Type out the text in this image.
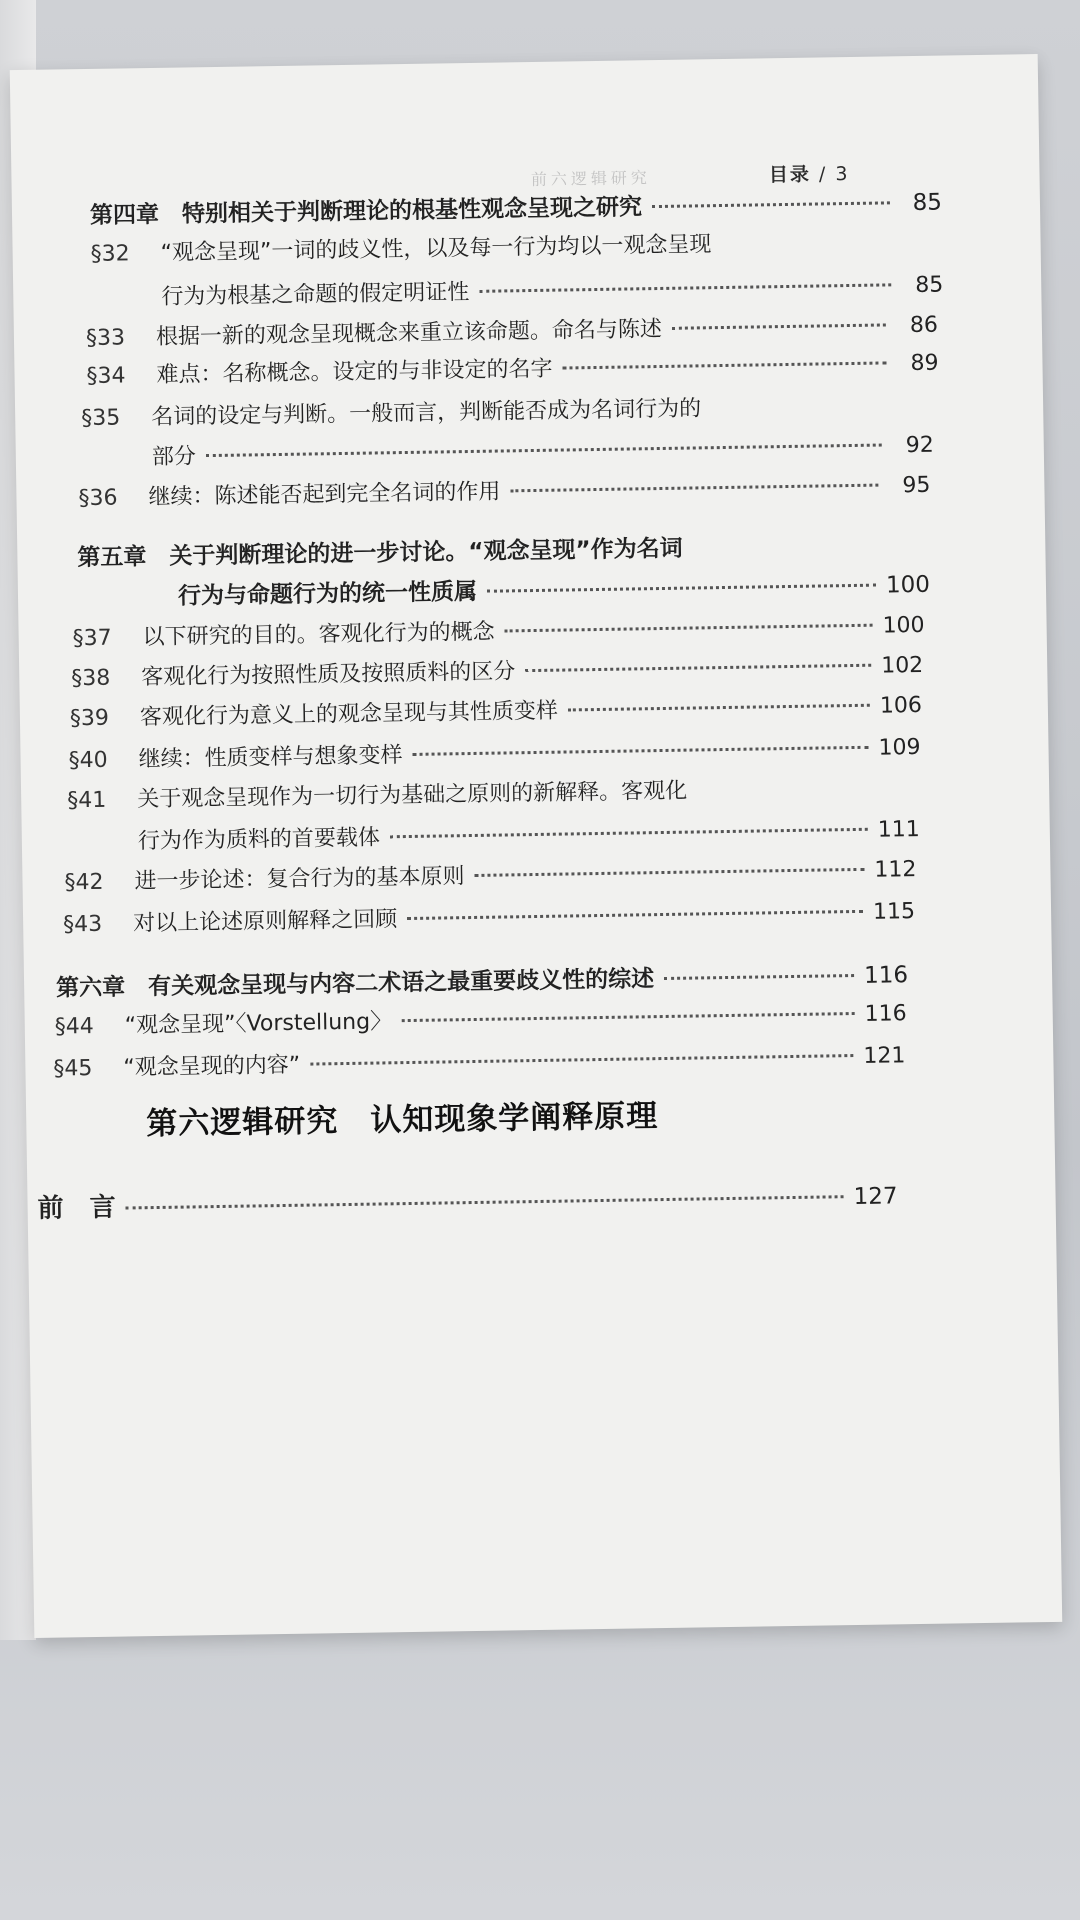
前六逻辑研究	目录 / 3
第四章　特别相关于判断理论的根基性观念呈现之研究	85
§32	“观念呈现”一词的歧义性，以及每一行为均以一观念呈现
行为为根基之命题的假定明证性	85
§33	根据一新的观念呈现概念来重立该命题。命名与陈述	86
§34	难点：名称概念。设定的与非设定的名字	89
§35	名词的设定与判断。一般而言，判断能否成为名词行为的
部分	92
§36	继续：陈述能否起到完全名词的作用	95
第五章　关于判断理论的进一步讨论。“观念呈现”作为名词
行为与命题行为的统一性质属	100
§37	以下研究的目的。客观化行为的概念	100
§38	客观化行为按照性质及按照质料的区分	102
§39	客观化行为意义上的观念呈现与其性质变样	106
§40	继续：性质变样与想象变样	109
§41	关于观念呈现作为一切行为基础之原则的新解释。客观化
行为作为质料的首要载体	111
§42	进一步论述：复合行为的基本原则	112
§43	对以上论述原则解释之回顾	115
第六章　有关观念呈现与内容二术语之最重要歧义性的综述	116
§44	“观念呈现”〈Vorstellung〉	116
§45	“观念呈现的内容”	121
第六逻辑研究　认知现象学阐释原理
前　言	127
